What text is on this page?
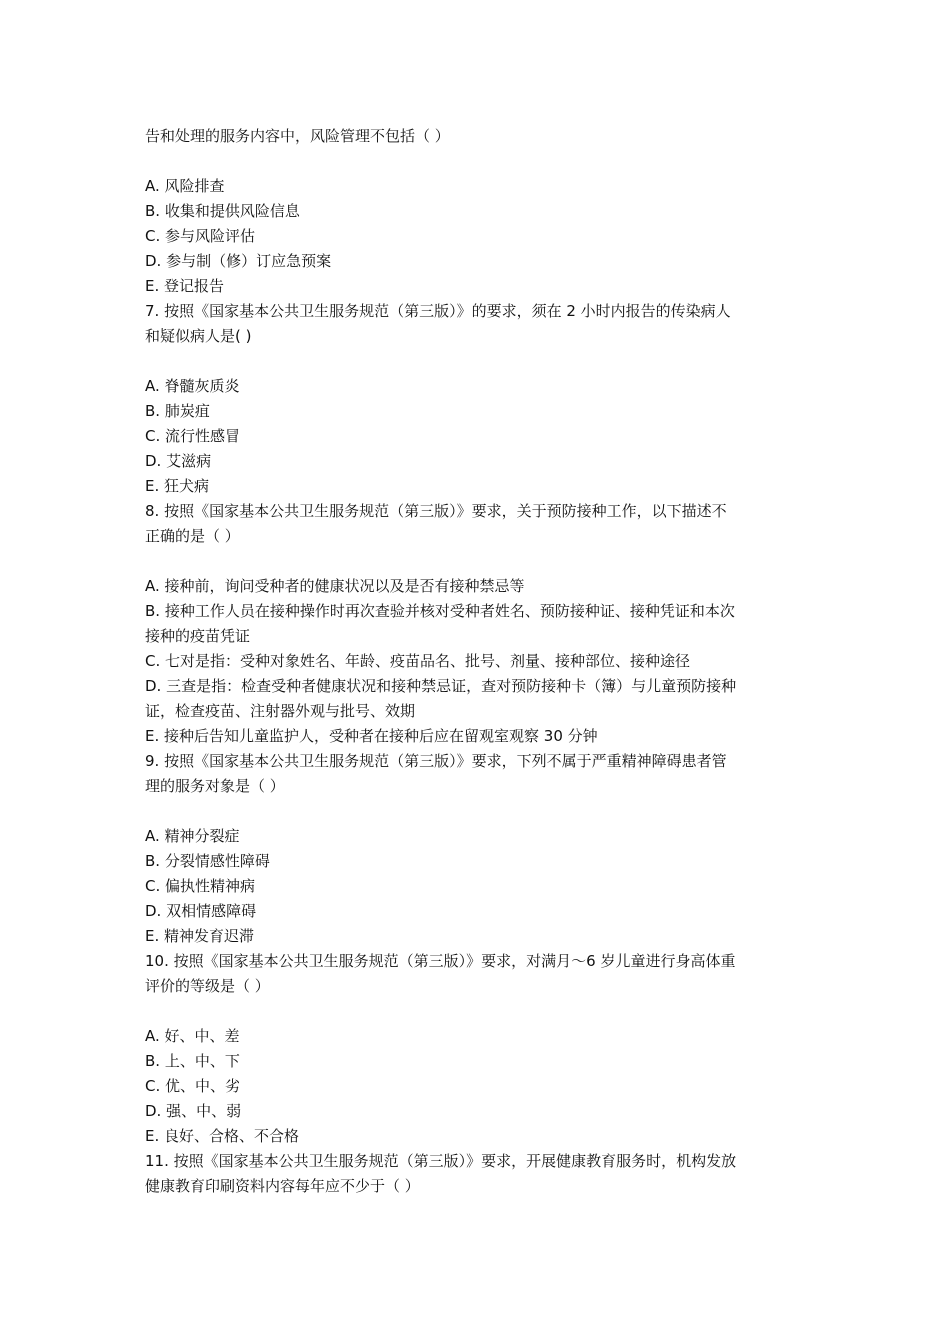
告和处理的服务内容中，风险管理不包括（ ）
A. 风险排查
B. 收集和提供风险信息
C. 参与风险评估
D. 参与制（修）订应急预案
E. 登记报告
7. 按照《国家基本公共卫生服务规范（第三版）》的要求，须在 2 小时内报告的传染病人
和疑似病人是( )
A. 脊髓灰质炎
B. 肺炭疽
C. 流行性感冒
D. 艾滋病
E. 狂犬病
8. 按照《国家基本公共卫生服务规范（第三版）》要求，关于预防接种工作，以下描述不
正确的是（ ）
A. 接种前，询问受种者的健康状况以及是否有接种禁忌等
B. 接种工作人员在接种操作时再次查验并核对受种者姓名、预防接种证、接种凭证和本次
接种的疫苗凭证
C. 七对是指：受种对象姓名、年龄、疫苗品名、批号、剂量、接种部位、接种途径
D. 三查是指：检查受种者健康状况和接种禁忌证，查对预防接种卡（簿）与儿童预防接种
证，检查疫苗、注射器外观与批号、效期
E. 接种后告知儿童监护人，受种者在接种后应在留观室观察 30 分钟
9. 按照《国家基本公共卫生服务规范（第三版）》要求，下列不属于严重精神障碍患者管
理的服务对象是（ ）
A. 精神分裂症
B. 分裂情感性障碍
C. 偏执性精神病
D. 双相情感障碍
E. 精神发育迟滞
10. 按照《国家基本公共卫生服务规范（第三版）》要求，对满月～6 岁儿童进行身高体重
评价的等级是（ ）
A. 好、中、差
B. 上、中、下
C. 优、中、劣
D. 强、中、弱
E. 良好、合格、不合格
11. 按照《国家基本公共卫生服务规范（第三版）》要求，开展健康教育服务时，机构发放
健康教育印刷资料内容每年应不少于（ ）
